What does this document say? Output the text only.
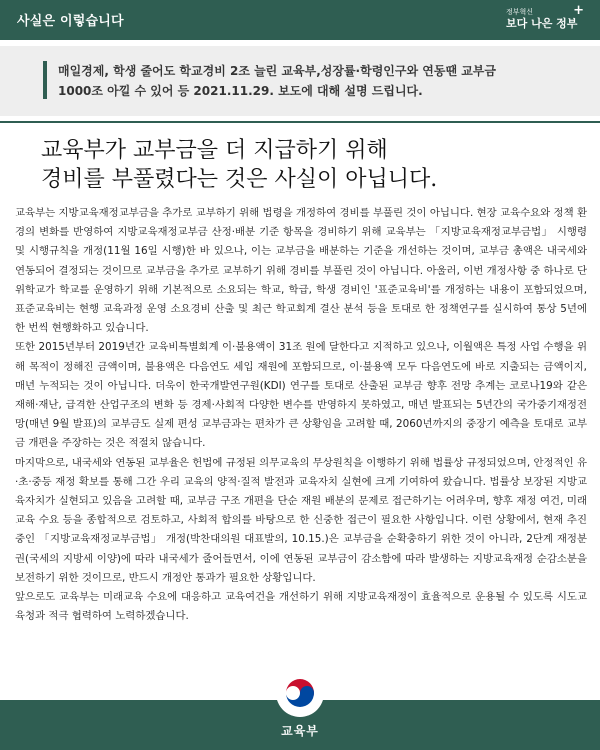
사실은 이렇습니다
정부혁신
보다 나은 정부
+
매일경제, 학생 줄어도 학교경비 2조 늘린 교육부,성장률·학령인구와 연동땐 교부금
1000조 아낄 수 있어 등 2021.11.29. 보도에 대해 설명 드립니다.
교육부가 교부금을 더 지급하기 위해
경비를 부풀렸다는 것은 사실이 아닙니다.

교육부는 지방교육재정교부금을 추가로 교부하기 위해 법령을 개정하여 경비를 부풀린 것이 아닙니다. 현장 교육수요와 정책 환경의 변화를 반영하여 지방교육재정교부금 산정·배분 기준 항목을 경비하기 위해 교육부는 「지방교육재정교부금법」 시행령 및 시행규칙을 개정(11월 16일 시행)한 바 있으나, 이는 교부금을 배분하는 기준을 개선하는 것이며, 교부금 총액은 내국세와 연동되어 결정되는 것이므로 교부금을 추가로 교부하기 위해 경비를 부풀린 것이 아닙니다. 아울러, 이번 개정사항 중 하나로 단위학교가 학교를 운영하기 위해 기본적으로 소요되는 학교, 학급, 학생 경비인 '표준교육비'를 개정하는 내용이 포함되었으며, 표준교육비는 현행 교육과정 운영 소요경비 산출 및 최근 학교회계 결산 분석 등을 토대로 한 정책연구를 실시하여 통상 5년에 한 번씩 현행화하고 있습니다.

또한 2015년부터 2019년간 교육비특별회계 이·불용액이 31조 원에 달한다고 지적하고 있으나, 이월액은 특정 사업 수행을 위해 목적이 정해진 금액이며, 불용액은 다음연도 세입 재원에 포함되므로, 이·불용액 모두 다음연도에 바로 지출되는 금액이지, 매년 누적되는 것이 아닙니다. 더욱이 한국개발연구원(KDI) 연구를 토대로 산출된 교부금 향후 전망 추계는 코로나19와 같은 재해·재난, 급격한 산업구조의 변화 등 경제·사회적 다양한 변수를 반영하지 못하였고, 매년 발표되는 5년간의 국가중기재정전망(매년 9월 발표)의 교부금도 실제 편성 교부금과는 편차가 큰 상황임을 고려할 때, 2060년까지의 중장기 예측을 토대로 교부금 개편을 주장하는 것은 적절치 않습니다.

마지막으로, 내국세와 연동된 교부율은 헌법에 규정된 의무교육의 무상원칙을 이행하기 위해 법률상 규정되었으며, 안정적인 유·초·중등 재정 확보를 통해 그간 우리 교육의 양적·질적 발전과 교육자치 실현에 크게 기여하여 왔습니다. 법률상 보장된 지방교육자치가 실현되고 있음을 고려할 때, 교부금 구조 개편을 단순 재원 배분의 문제로 접근하기는 어려우며, 향후 재정 여건, 미래 교육 수요 등을 종합적으로 검토하고, 사회적 합의를 바탕으로 한 신중한 접근이 필요한 사항입니다. 이런 상황에서, 현재 추진 중인 「지방교육재정교부금법」 개정(박찬대의원 대표발의, 10.15.)은 교부금을 순확충하기 위한 것이 아니라, 2단계 재정분권(국세의 지방세 이양)에 따라 내국세가 줄어들면서, 이에 연동된 교부금이 감소함에 따라 발생하는 지방교육재정 순감소분을 보전하기 위한 것이므로, 반드시 개정안 통과가 필요한 상황입니다.

앞으로도 교육부는 미래교육 수요에 대응하고 교육여건을 개선하기 위해 지방교육재정이 효율적으로 운용될 수 있도록 시도교육청과 적극 협력하여 노력하겠습니다.

교육부
